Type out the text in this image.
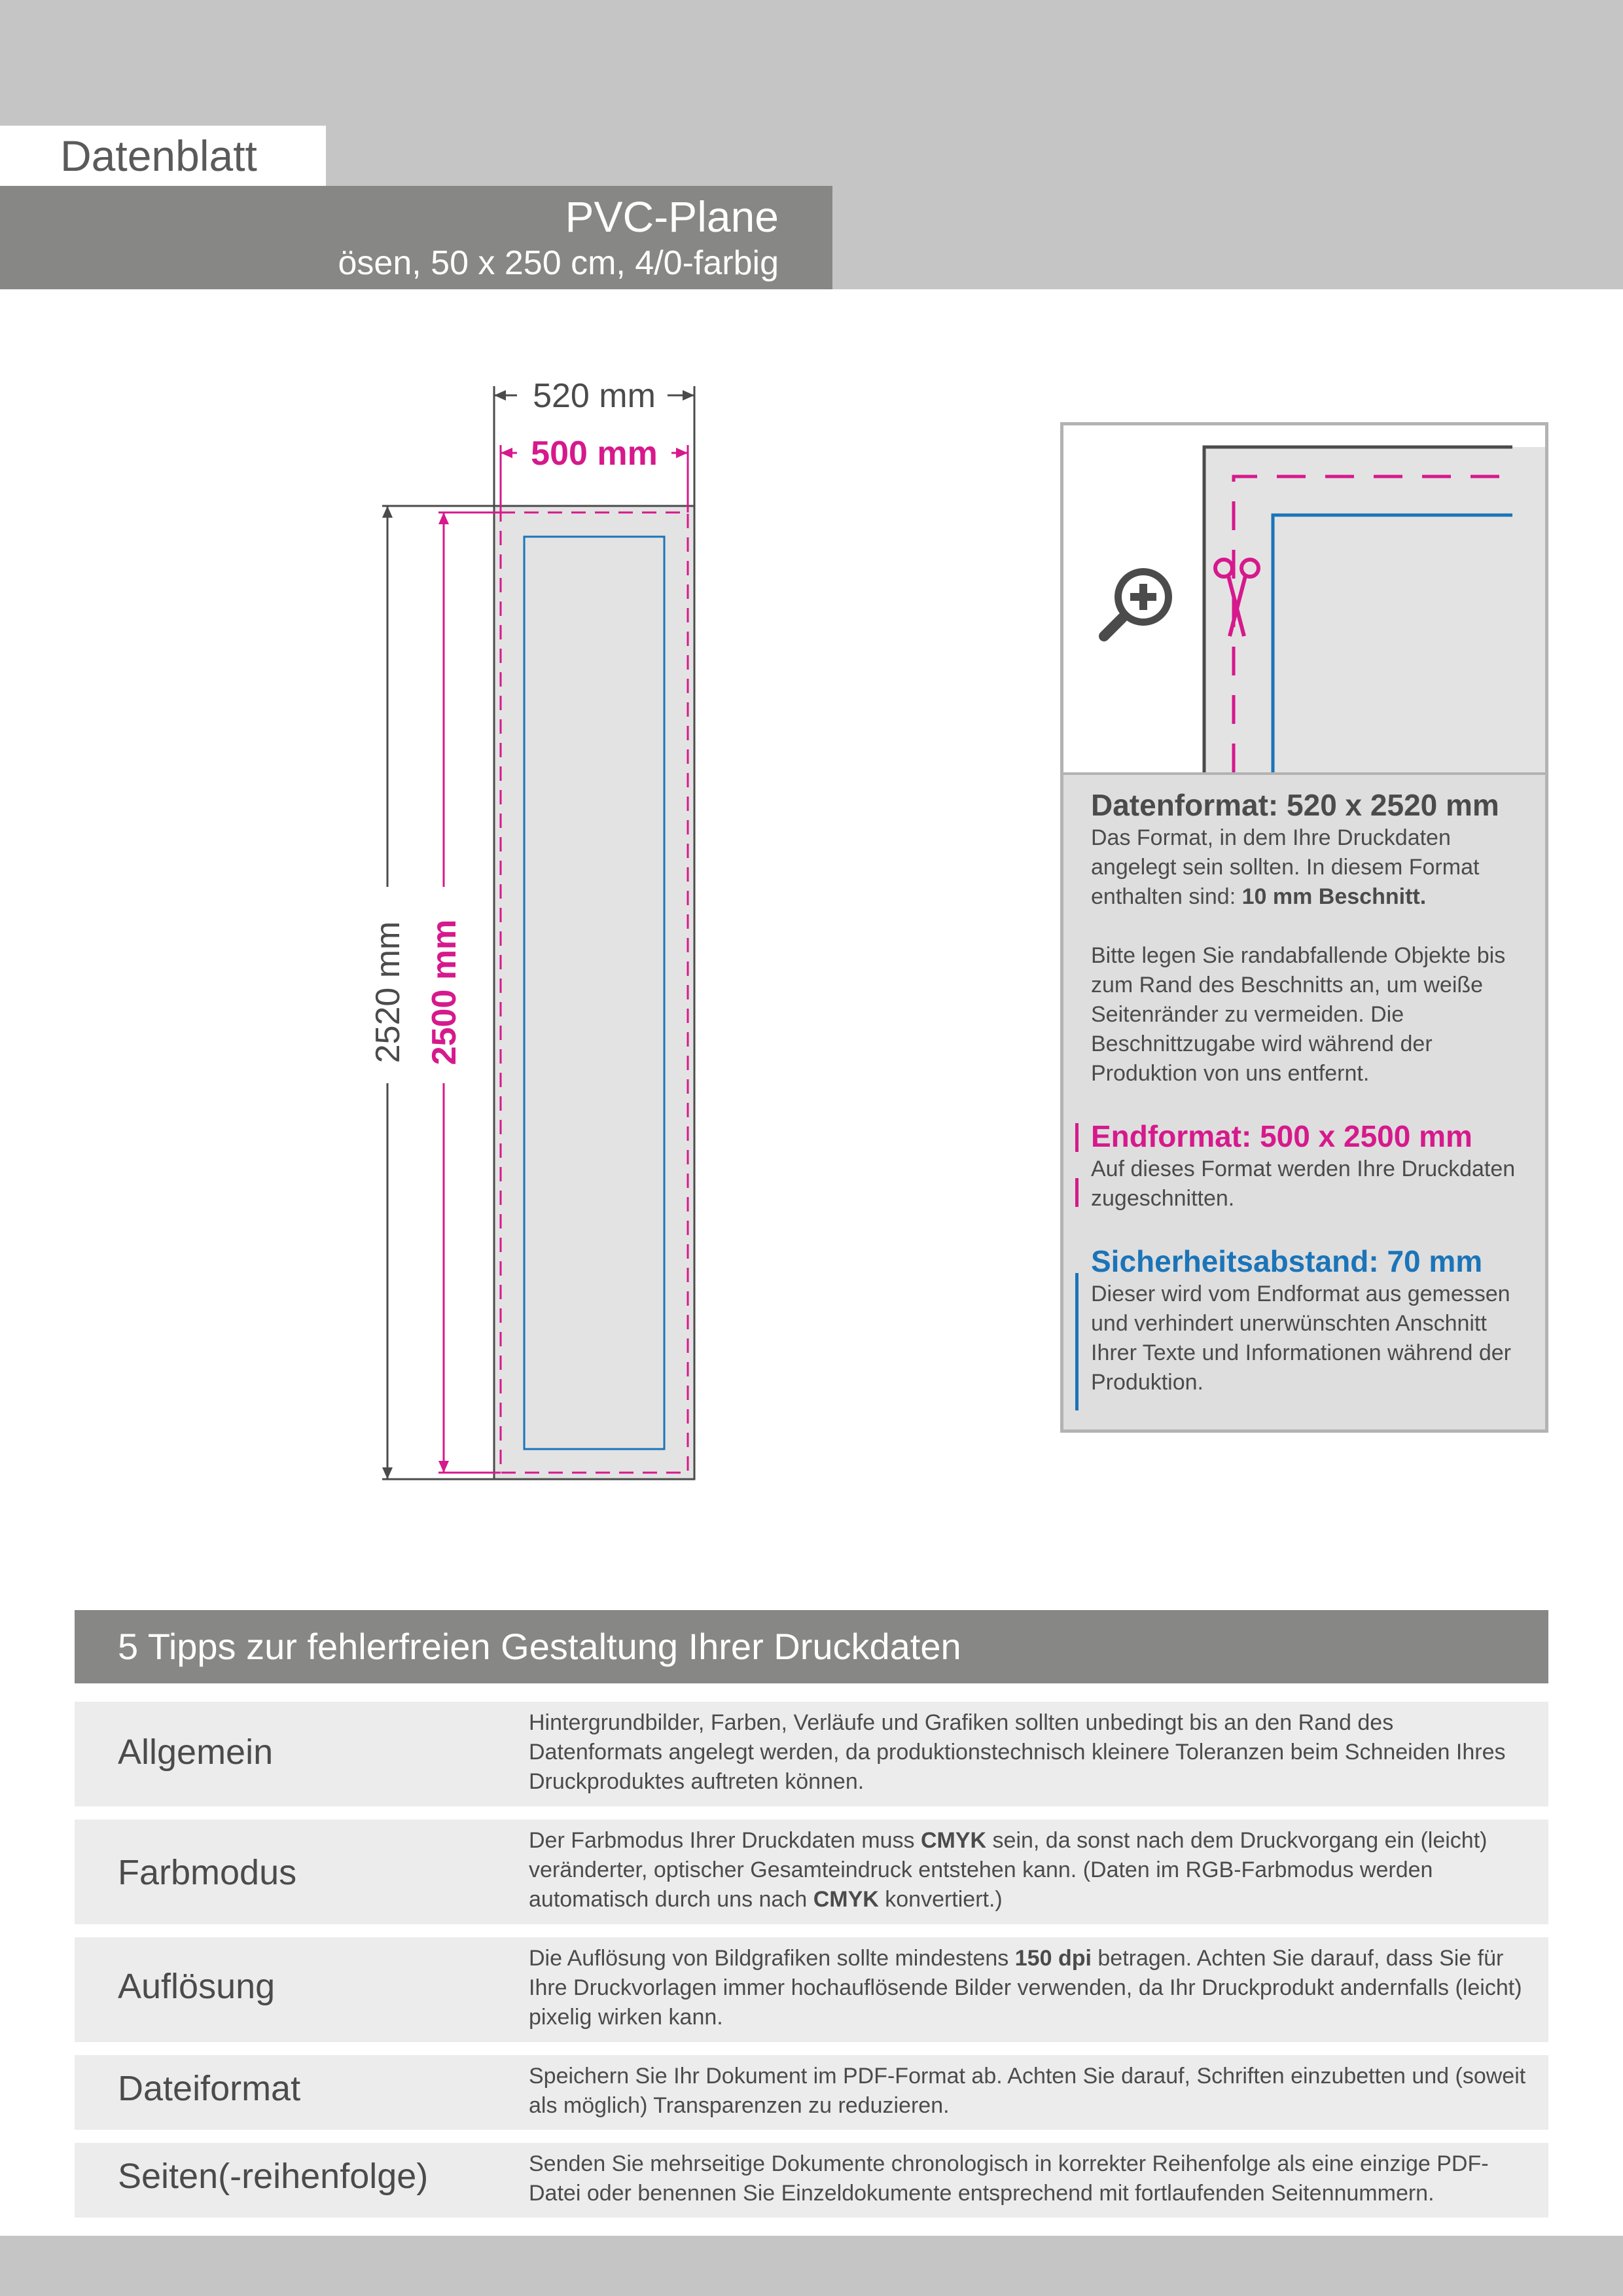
Datenblatt
PVC-Plane
ösen, 50 x 250 cm, 4/0-farbig
520 mm
500 mm
2520 mm 2500 mm
Datenformat: 520 x 2520 mm

Das Format, in dem Ihre Druckdaten angelegt sein sollten. In diesem Format enthalten sind: 10 mm Beschnitt.

Bitte legen Sie randabfallende Objekte bis zum Rand des Beschnitts an, um weiße Seitenränder zu vermeiden. Die Beschnittzugabe wird während der Produktion von uns entfernt.

Endformat: 500 x 2500 mm

Auf dieses Format werden Ihre Druckdaten zugeschnitten.

Sicherheitsabstand: 70 mm

Dieser wird vom Endformat aus gemessen und verhindert unerwünschten Anschnitt Ihrer Texte und Informationen während der Produktion.

5 Tipps zur fehlerfreien Gestaltung Ihrer Druckdaten
Allgemein
Hintergrundbilder, Farben, Verläufe und Grafiken sollten unbedingt bis an den Rand des Datenformats angelegt werden, da produktionstechnisch kleinere Toleranzen beim Schneiden Ihres Druckproduktes auftreten können.
Farbmodus
Der Farbmodus Ihrer Druckdaten muss CMYK sein, da sonst nach dem Druckvorgang ein (leicht) veränderter, optischer Gesamteindruck entstehen kann. (Daten im RGB-Farbmodus werden automatisch durch uns nach CMYK konvertiert.)
Auflösung
Die Auflösung von Bildgrafiken sollte mindestens 150 dpi betragen. Achten Sie darauf, dass Sie für Ihre Druckvorlagen immer hochauflösende Bilder verwenden, da Ihr Druckprodukt andernfalls (leicht) pixelig wirken kann.
Dateiformat	Speichern Sie Ihr Dokument im PDF-Format ab. Achten Sie darauf, Schriften einzubetten und (soweit als möglich) Transparenzen zu reduzieren.
Seiten(-reihenfolge)	Senden Sie mehrseitige Dokumente chronologisch in korrekter Reihenfolge als eine einzige PDF-Datei oder benennen Sie Einzeldokumente entsprechend mit fortlaufenden Seitennummern.
